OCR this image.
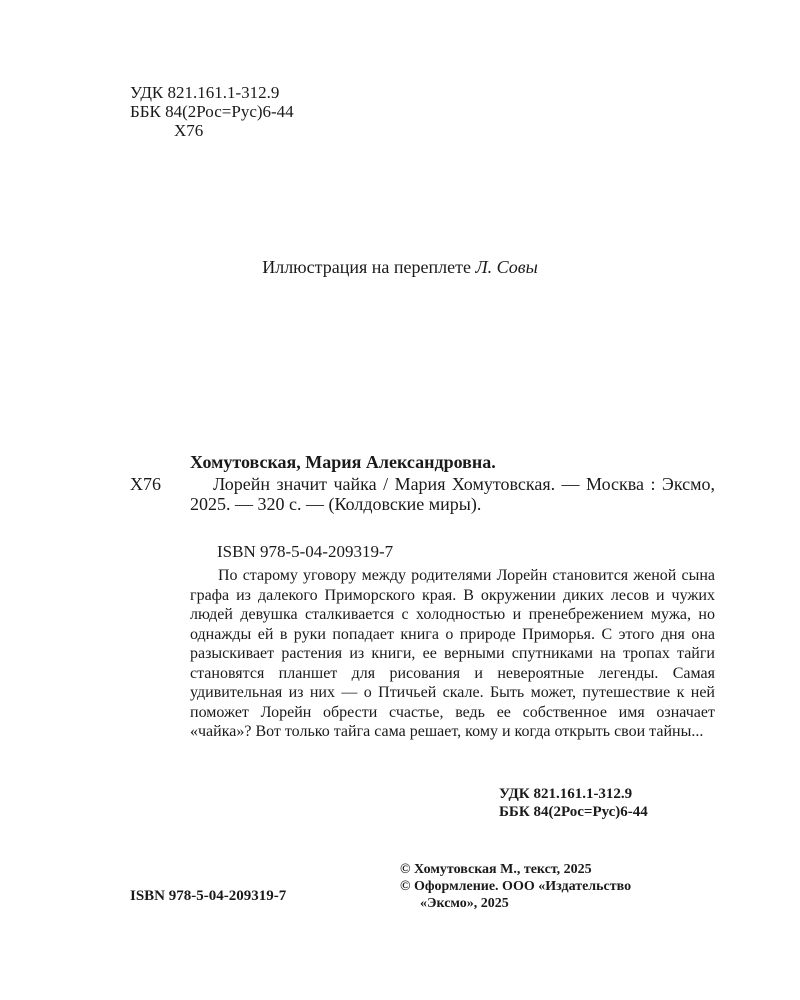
УДК 821.161.1-312.9
ББК 84(2Рос=Рус)6-44
Х76
Иллюстрация на переплете Л. Совы
Хомутовская, Мария Александровна.
Х76	Лорейн значит чайка / Мария Хомутовская. — Москва : Эксмо, 2025. — 320 с. — (Колдовские миры).
ISBN 978-5-04-209319-7
По старому уговору между родителями Лорейн становится женой сына графа из далекого Приморского края. В окружении диких лесов и чужих людей девушка сталкивается с холодностью и пренебрежением мужа, но однажды ей в руки попадает книга о природе Приморья. С этого дня она разыскивает растения из книги, ее верными спутниками на тропах тайги становятся планшет для рисования и невероятные легенды. Самая удивительная из них — о Птичьей скале. Быть может, путешествие к ней поможет Лорейн обрести счастье, ведь ее собственное имя означает «чайка»? Вот только тайга сама решает, кому и когда открыть свои тайны...
УДК 821.161.1-312.9
ББК 84(2Рос=Рус)6-44
© Хомутовская М., текст, 2025
© Оформление. ООО «Издательство
«Эксмо», 2025
ISBN 978-5-04-209319-7
